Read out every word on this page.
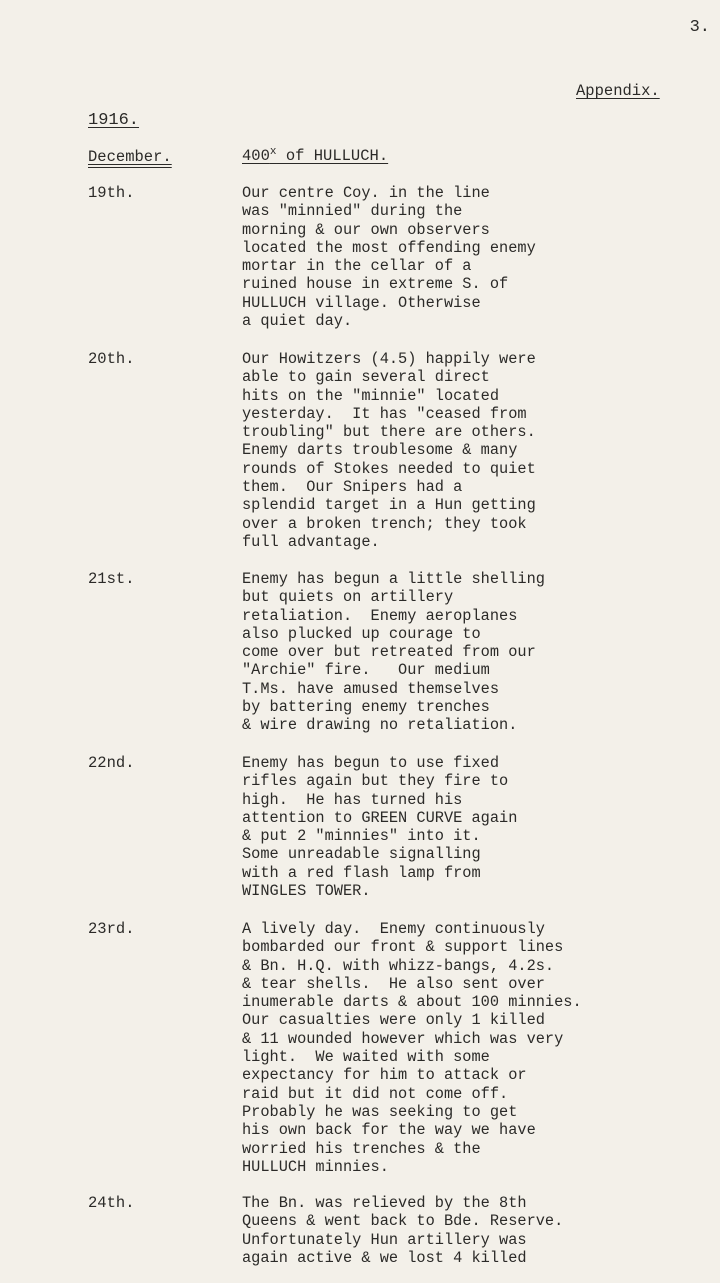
3.
Appendix.
1916.
December.	400$^x$ of HULLUCH.
19th.	Our centre Coy. in the line
was "minnied" during the
morning & our own observers
located the most offending enemy
mortar in the cellar of a
ruined house in extreme S. of
HULLUCH village. Otherwise
a quiet day.
20th.	Our Howitzers (4.5) happily were
able to gain several direct
hits on the "minnie" located
yesterday.  It has "ceased from
troubling" but there are others.
Enemy darts troublesome & many
rounds of Stokes needed to quiet
them.  Our Snipers had a
splendid target in a Hun getting
over a broken trench; they took
full advantage.
21st.	Enemy has begun a little shelling
but quiets on artillery
retaliation.  Enemy aeroplanes
also plucked up courage to
come over but retreated from our
"Archie" fire.   Our medium
T.Ms. have amused themselves
by battering enemy trenches
& wire drawing no retaliation.
22nd.	Enemy has begun to use fixed
rifles again but they fire to
high.  He has turned his
attention to GREEN CURVE again
& put 2 "minnies" into it.
Some unreadable signalling
with a red flash lamp from
WINGLES TOWER.
23rd.	A lively day.  Enemy continuously
bombarded our front & support lines
& Bn. H.Q. with whizz-bangs, 4.2s.
& tear shells.  He also sent over
inumerable darts & about 100 minnies.
Our casualties were only 1 killed
& 11 wounded however which was very
light.  We waited with some
expectancy for him to attack or
raid but it did not come off.
Probably he was seeking to get
his own back for the way we have
worried his trenches & the
HULLUCH minnies.
24th.	The Bn. was relieved by the 8th
Queens & went back to Bde. Reserve.
Unfortunately Hun artillery was
again active & we lost 4 killed
